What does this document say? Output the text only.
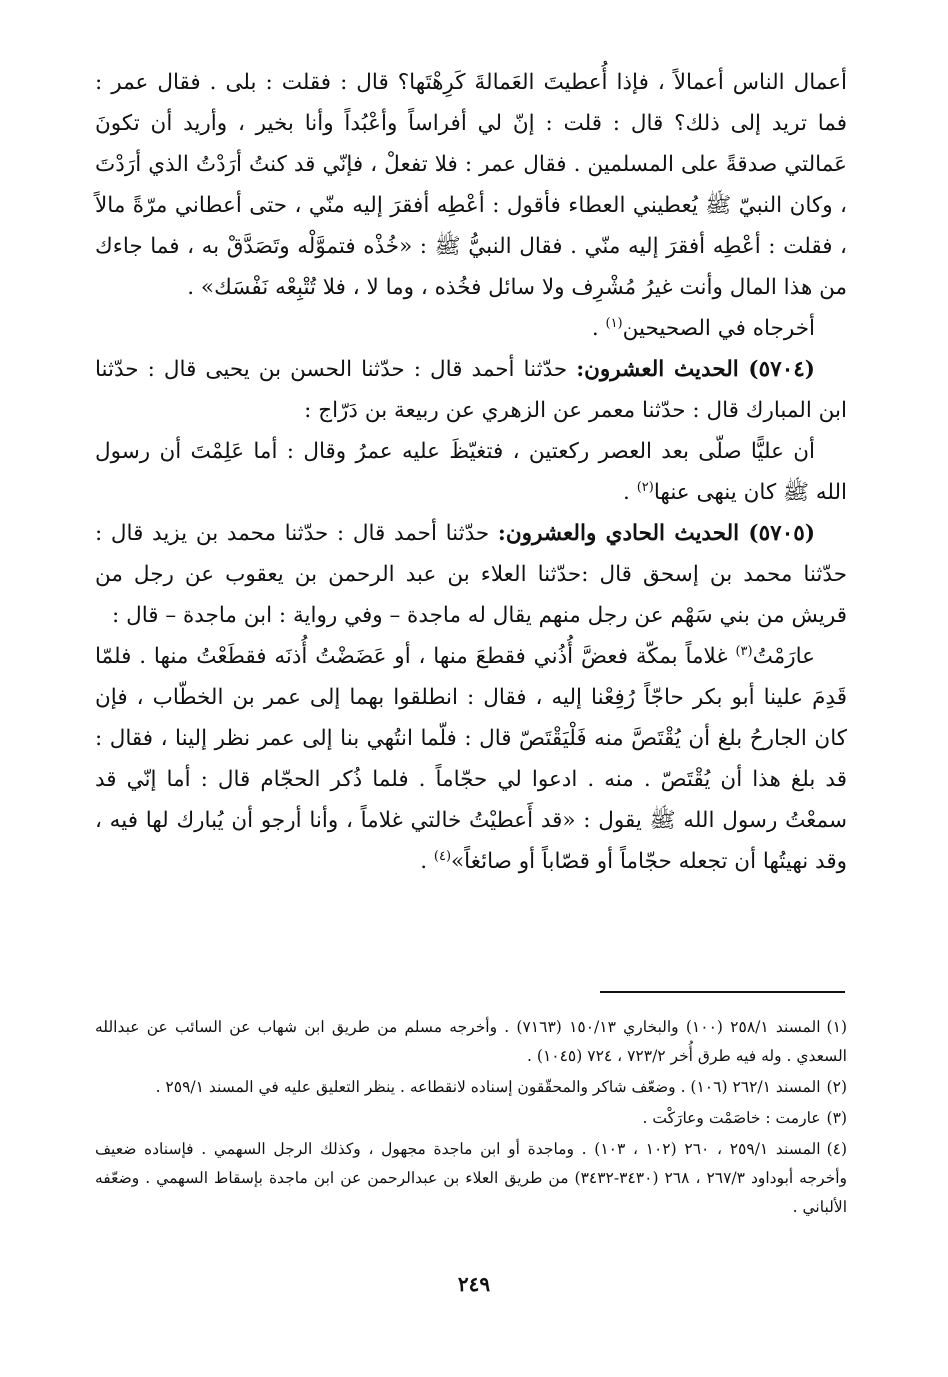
أعمال الناس أعمالاً ، فإذا أُعطيتَ العَمالةَ كَرِهْتَها؟ قال : فقلت : بلى . فقال عمر : فما تريد إلى ذلك؟ قال : قلت : إنّ لي أفراساً وأعْبُداً وأنا بخير ، وأريد أن تكونَ عَمالتي صدقةً على المسلمين . فقال عمر : فلا تفعلْ ، فإنّي قد كنتُ أرَدْتُ الذي أرَدْتَ ، وكان النبيّ ﷺ يُعطيني العطاء فأقول : أعْطِه أفقرَ إليه منّي ، حتى أعطاني مرّةً مالاً ، فقلت : أعْطِه أفقرَ إليه منّي . فقال النبيُّ ﷺ : «خُذْه فتموَّلْه وتَصَدَّقْ به ، فما جاءك من هذا المال وأنت غيرُ مُشْرِف ولا سائل فخُذه ، وما لا ، فلا تُتْبِعْه نَفْسَك» .

أخرجاه في الصحيحين$^{(١)}$ .

(٥٧٠٤) الحديث العشرون: حدّثنا أحمد قال : حدّثنا الحسن بن يحيى قال : حدّثنا ابن المبارك قال : حدّثنا معمر عن الزهري عن ربيعة بن دَرّاج :

أن عليًّا صلّى بعد العصر ركعتين ، فتغيّظَ عليه عمرُ وقال : أما عَلِمْتَ أن رسول الله ﷺ كان ينهى عنها$^{(٢)}$ .

(٥٧٠٥) الحديث الحادي والعشرون: حدّثنا أحمد قال : حدّثنا محمد بن يزيد قال : حدّثنا محمد بن إسحق قال :حدّثنا العلاء بن عبد الرحمن بن يعقوب عن رجل من قريش من بني سَهْم عن رجل منهم يقال له ماجدة – وفي رواية : ابن ماجدة – قال :

عارَمْتُ$^{(٣)}$ غلاماً بمكّة فعضَّ أُذُني فقطعَ منها ، أو عَضَضْتُ أُذنَه فقطَعْتُ منها . فلمّا قَدِمَ علينا أبو بكر حاجّاً رُفِعْنا إليه ، فقال : انطلقوا بهما إلى عمر بن الخطّاب ، فإن كان الجارحُ بلغ أن يُقْتَصَّ منه فَلْيَقْتَصّ قال : فلّما انتُهي بنا إلى عمر نظر إلينا ، فقال : قد بلغ هذا أن يُقْتَصّ . منه . ادعوا لي حجّاماً . فلما ذُكر الحجّام قال : أما إنّي قد سمعْتُ رسول الله ﷺ يقول : «قد أَعطيْتُ خالتي غلاماً ، وأنا أرجو أن يُبارك لها فيه ، وقد نهيتُها أن تجعله حجّاماً أو قصّاباً أو صائغاً»$^{(٤)}$ .

(١)المسند ٢٥٨/١ (١٠٠) والبخاري ١٥٠/١٣ (٧١٦٣) . وأخرجه مسلم من طريق ابن شهاب عن السائب عن عبدالله السعدي . وله فيه طرق أُخر ٧٢٣/٢ ، ٧٢٤ (١٠٤٥) .

(٢)المسند ٢٦٢/١ (١٠٦) . وضعّف شاكر والمحقّقون إسناده لانقطاعه . ينظر التعليق عليه في المسند ٢٥٩/١ .

(٣)عارمت : خاصَمْت وعارَكْت .

(٤)المسند ٢٥٩/١ ، ٢٦٠ (١٠٢ ، ١٠٣) . وماجدة أو ابن ماجدة مجهول ، وكذلك الرجل السهمي . فإسناده ضعيف وأخرجه أبوداود ٢٦٧/٣ ، ٢٦٨ (٣٤٣٠-٣٤٣٢) من طريق العلاء بن عبدالرحمن عن ابن ماجدة بإسقاط السهمي . وضعّفه الألباني .

٢٤٩
